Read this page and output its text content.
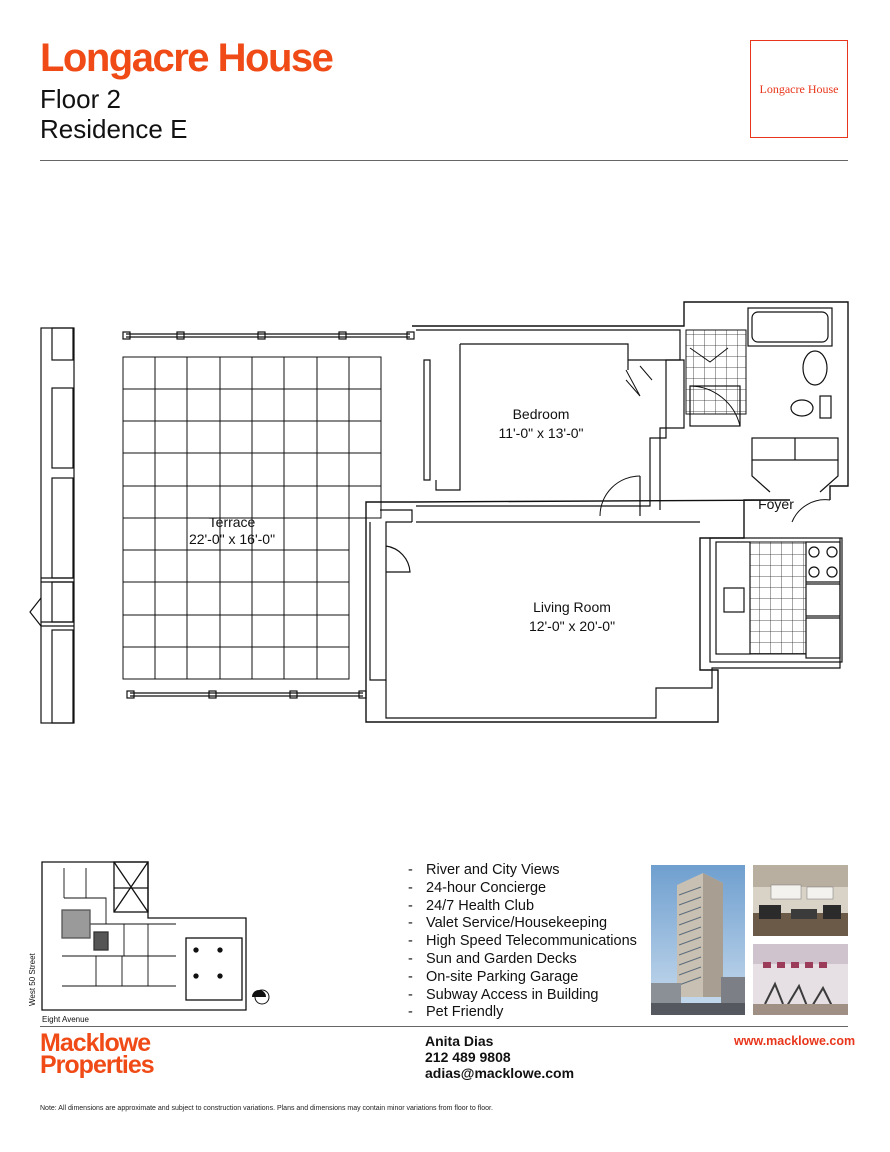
Longacre House
Floor 2
Residence E
Longacre House
Bedroom
11'-0" x 13'-0"
Terrace
22'-0" x 16'-0"
Living Room
12'-0" x 20'-0"
Foyer
West 50 Street
Eight Avenue
- River and City Views
- 24-hour Concierge
- 24/7 Health Club
- Valet Service/Housekeeping
- High Speed Telecommunications
- Sun and Garden Decks
- On-site Parking Garage
- Subway Access in Building
- Pet Friendly
Macklowe
Properties
Anita Dias
212 489 9808
adias@macklowe.com
www.macklowe.com
Note: All dimensions are approximate and subject to construction variations. Plans and dimensions may contain minor variations from floor to floor.
